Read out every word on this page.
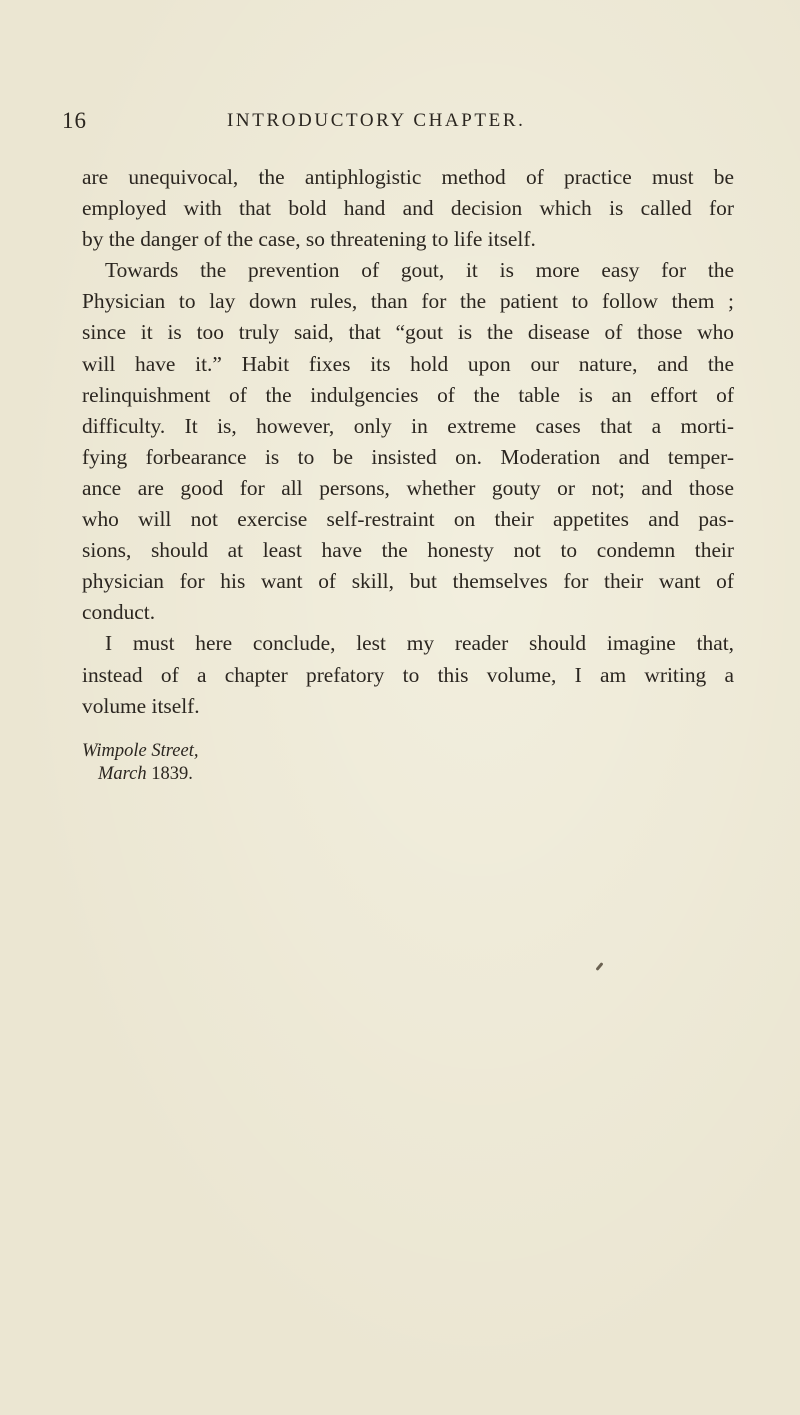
16	INTRODUCTORY CHAPTER.
are unequivocal, the antiphlogistic method of practice must be
employed with that bold hand and decision which is called for
by the danger of the case, so threatening to life itself.
Towards the prevention of gout, it is more easy for the
Physician to lay down rules, than for the patient to follow them ;
since it is too truly said, that “gout is the disease of those who
will have it.” Habit fixes its hold upon our nature, and the
relinquishment of the indulgencies of the table is an effort of
difficulty. It is, however, only in extreme cases that a morti-
fying forbearance is to be insisted on. Moderation and temper-
ance are good for all persons, whether gouty or not; and those
who will not exercise self-restraint on their appetites and pas-
sions, should at least have the honesty not to condemn their
physician for his want of skill, but themselves for their want of
conduct.
I must here conclude, lest my reader should imagine that,
instead of a chapter prefatory to this volume, I am writing a
volume itself.
Wimpole Street,
March 1839.
